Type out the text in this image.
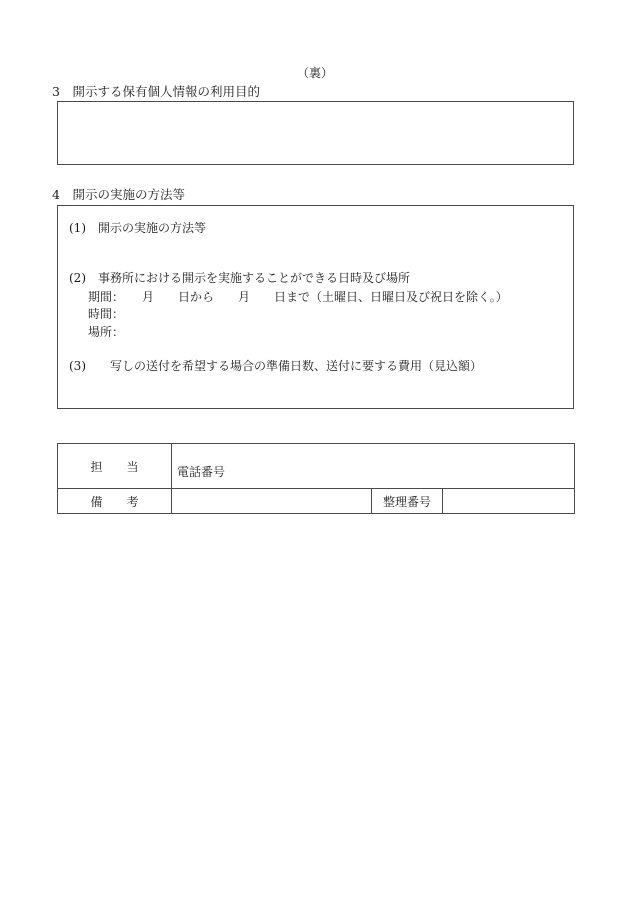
（裏）
3　開示する保有個人情報の利用目的
4　開示の実施の方法等
(1)　開示の実施の方法等
(2)　事務所における開示を実施することができる日時及び場所
期間：　　月　　日から　　月　　日まで（土曜日、日曜日及び祝日を除く。）
時間：
場所：
(3)　　写しの送付を希望する場合の準備日数、送付に要する費用（見込額）
担　　当	電話番号		
備　　考		整理番号	
